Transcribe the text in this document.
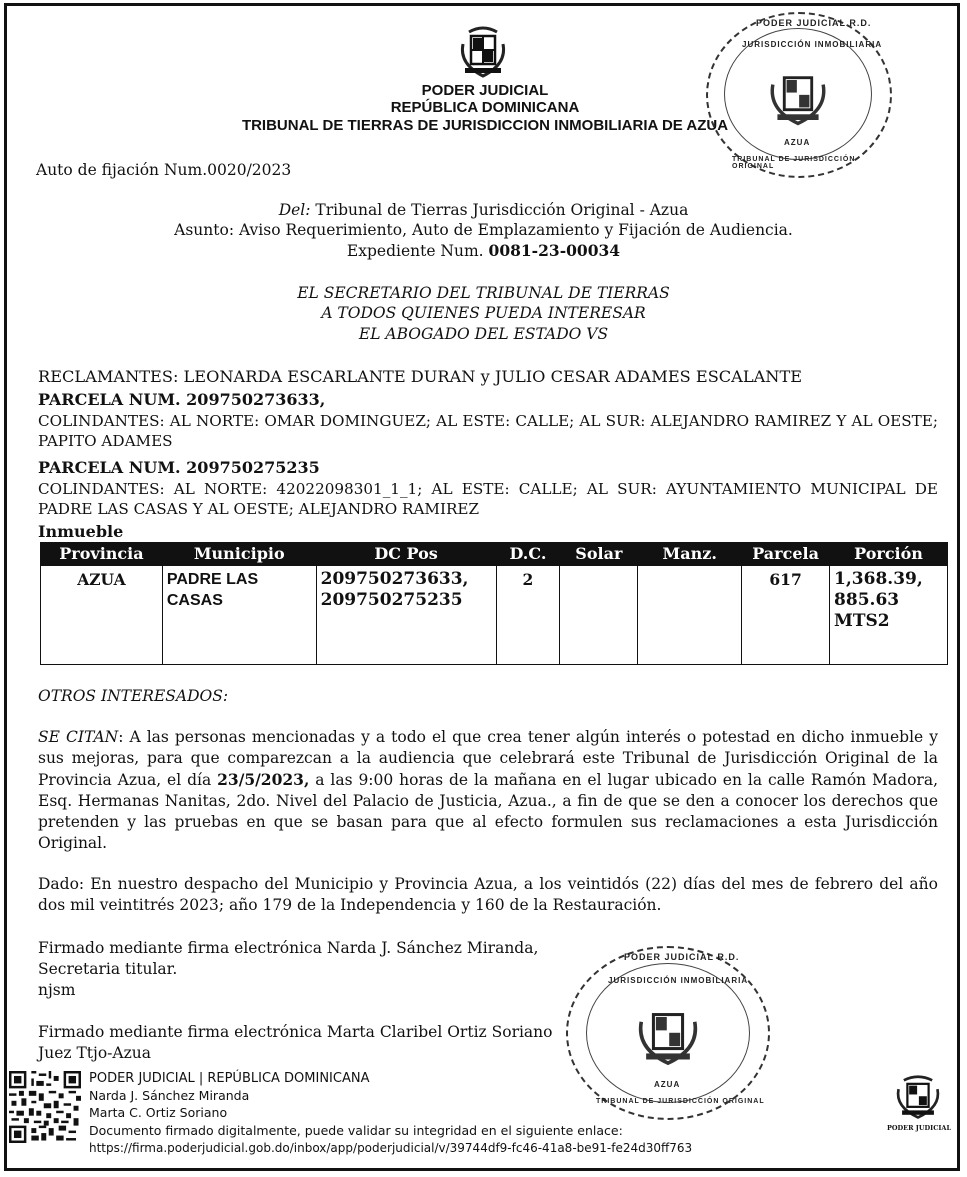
PODER JUDICIAL
REPÚBLICA DOMINICANA
TRIBUNAL DE TIERRAS DE JURISDICCION INMOBILIARIA DE AZUA
PODER JUDICIAL R.D.
JURISDICCIÓN INMOBILIARIA
TRIBUNAL DE JURISDICCIÓN ORIGINAL
AZUA
Auto de fijación Num.0020/2023
Del: Tribunal de Tierras Jurisdicción Original - Azua
Asunto: Aviso Requerimiento, Auto de Emplazamiento y Fijación de Audiencia.
Expediente Num. 0081-23-00034
EL SECRETARIO DEL TRIBUNAL DE TIERRAS
A TODOS QUIENES PUEDA INTERESAR
EL ABOGADO DEL ESTADO VS
RECLAMANTES: LEONARDA ESCARLANTE DURAN y JULIO CESAR ADAMES ESCALANTE
PARCELA NUM. 209750273633,
COLINDANTES: AL NORTE: OMAR DOMINGUEZ; AL ESTE: CALLE; AL SUR: ALEJANDRO RAMIREZ Y AL OESTE; PAPITO ADAMES
PARCELA NUM. 209750275235
COLINDANTES: AL NORTE: 42022098301_1_1; AL ESTE: CALLE; AL SUR: AYUNTAMIENTO MUNICIPAL DE PADRE LAS CASAS Y AL OESTE; ALEJANDRO RAMIREZ
Inmueble
Provincia	Municipio	DC Pos	D.C.	Solar	Manz.	Parcela	Porción
AZUA	PADRE LAS CASAS	209750273633, 209750275235	2			617	1,368.39, 885.63 MTS2
OTROS INTERESADOS:
SE CITAN: A las personas mencionadas y a todo el que crea tener algún interés o potestad en dicho inmueble y sus mejoras, para que comparezcan a la audiencia que celebrará este Tribunal de Jurisdicción Original de la Provincia Azua, el día 23/5/2023, a las 9:00 horas de la mañana en el lugar ubicado en la calle Ramón Madora, Esq. Hermanas Nanitas, 2do. Nivel del Palacio de Justicia, Azua., a fin de que se den a conocer los derechos que pretenden y las pruebas en que se basan para que al efecto formulen sus reclamaciones a esta Jurisdicción Original.
Dado: En nuestro despacho del Municipio y Provincia Azua, a los veintidós (22) días del mes de febrero del año dos mil veintitrés 2023; año 179 de la Independencia y 160 de la Restauración.
Firmado mediante firma electrónica Narda J. Sánchez Miranda,
Secretaria titular.
njsm
Firmado mediante firma electrónica Marta Claribel Ortiz Soriano
Juez Ttjo-Azua
PODER JUDICIAL R.D.
JURISDICCIÓN INMOBILIARIA
TRIBUNAL DE JURISDICCIÓN ORIGINAL
AZUA
PODER JUDICIAL | REPÚBLICA DOMINICANA
Narda J. Sánchez Miranda
Marta C. Ortiz Soriano
Documento firmado digitalmente, puede validar su integridad en el siguiente enlace:
https://firma.poderjudicial.gob.do/inbox/app/poderjudicial/v/39744df9-fc46-41a8-be91-fe24d30ff763
PODER JUDICIAL
